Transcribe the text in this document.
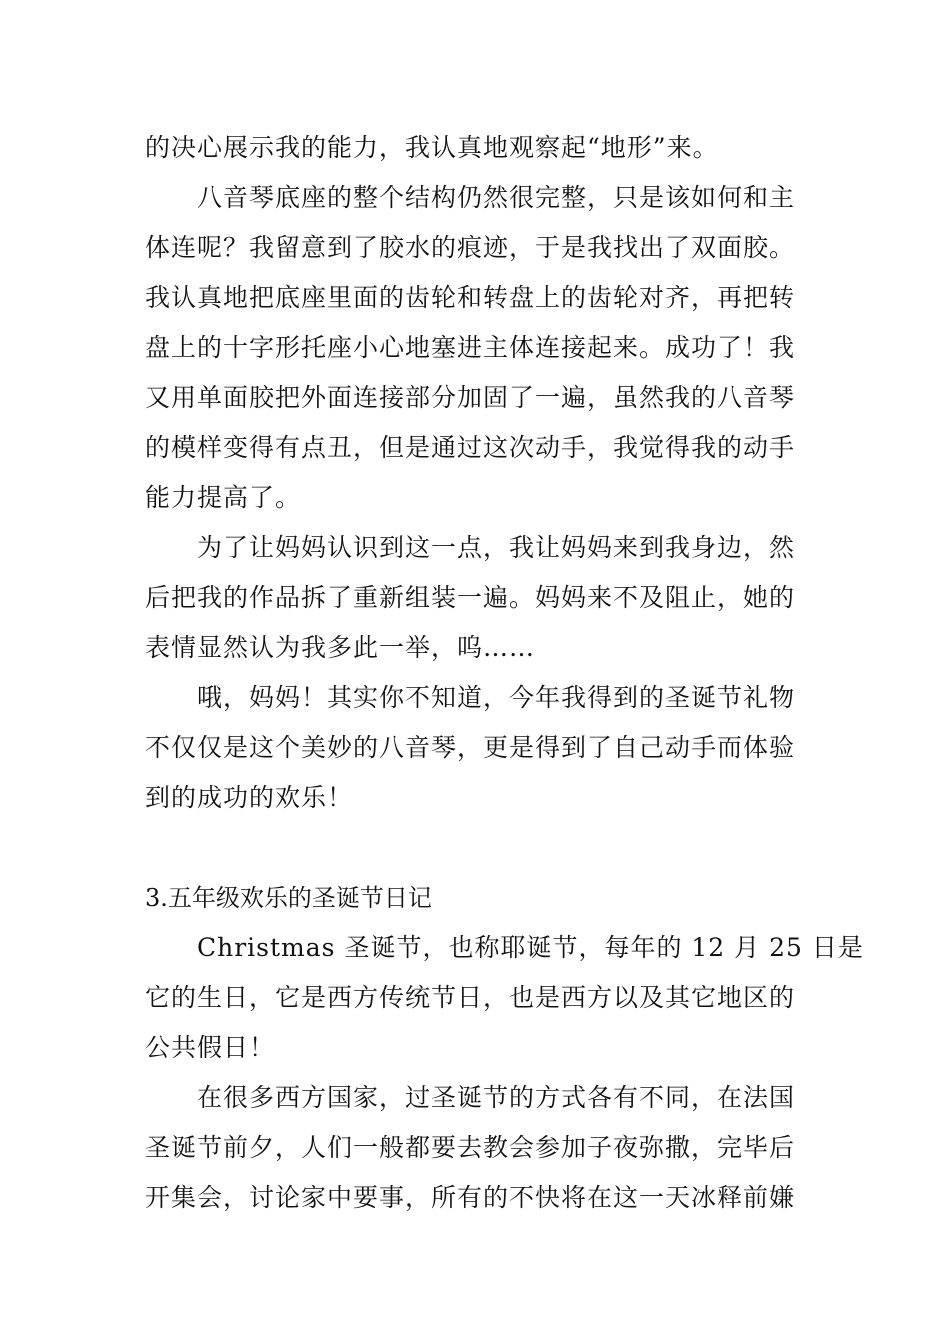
的决心展示我的能力，我认真地观察起“地形”来。
八音琴底座的整个结构仍然很完整，只是该如何和主
体连呢？我留意到了胶水的痕迹，于是我找出了双面胶。
我认真地把底座里面的齿轮和转盘上的齿轮对齐，再把转
盘上的十字形托座小心地塞进主体连接起来。成功了！我
又用单面胶把外面连接部分加固了一遍，虽然我的八音琴
的模样变得有点丑，但是通过这次动手，我觉得我的动手
能力提高了。
为了让妈妈认识到这一点，我让妈妈来到我身边，然
后把我的作品拆了重新组装一遍。妈妈来不及阻止，她的
表情显然认为我多此一举，呜……
哦，妈妈！其实你不知道，今年我得到的圣诞节礼物
不仅仅是这个美妙的八音琴，更是得到了自己动手而体验
到的成功的欢乐！
3.五年级欢乐的圣诞节日记
Christmas 圣诞节，也称耶诞节，每年的 12 月 25 日是
它的生日，它是西方传统节日，也是西方以及其它地区的
公共假日！
在很多西方国家，过圣诞节的方式各有不同，在法国
圣诞节前夕，人们一般都要去教会参加子夜弥撒，完毕后
开集会，讨论家中要事，所有的不快将在这一天冰释前嫌
